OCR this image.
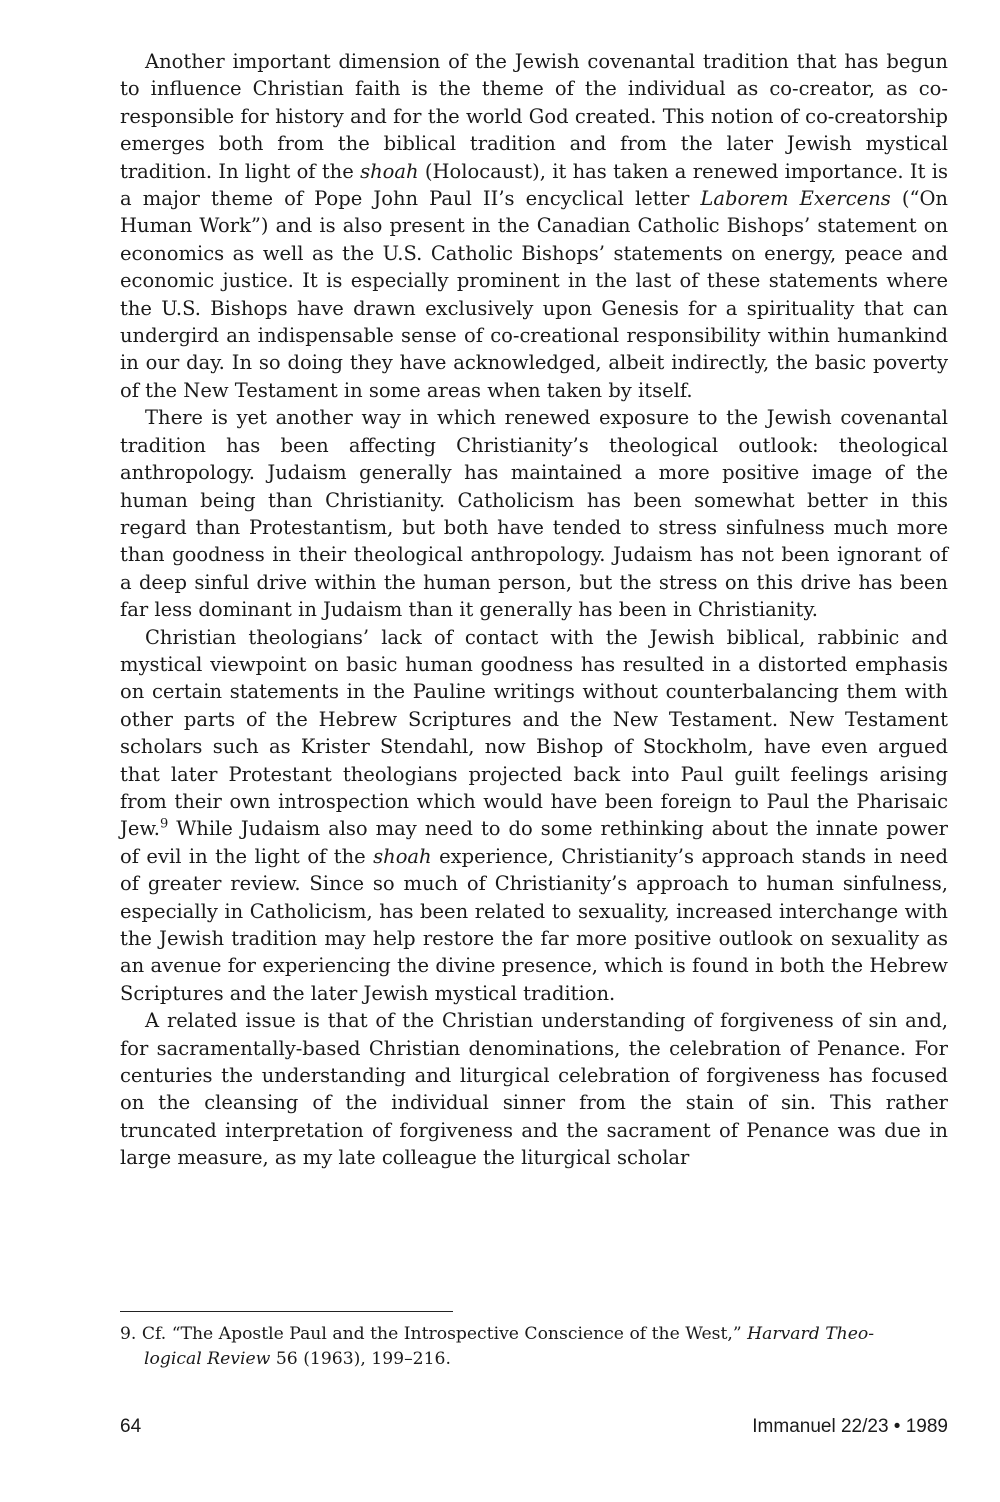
Another important dimension of the Jewish covenantal tradition that has begun to influence Christian faith is the theme of the individual as co-creator, as co-responsible for history and for the world God created. This notion of co-creatorship emerges both from the biblical tradition and from the later Jewish mystical tradition. In light of the shoah (Holocaust), it has taken a renewed importance. It is a major theme of Pope John Paul II’s encyclical letter Laborem Exercens (“On Human Work”) and is also present in the Canadian Catholic Bishops’ statement on economics as well as the U.S. Catholic Bishops’ statements on energy, peace and economic justice. It is especially prominent in the last of these statements where the U.S. Bishops have drawn exclusively upon Genesis for a spirituality that can undergird an indispensable sense of co-creational responsibility within humankind in our day. In so doing they have acknowledged, albeit indirectly, the basic poverty of the New Testament in some areas when taken by itself.

There is yet another way in which renewed exposure to the Jewish covenantal tradition has been affecting Christianity’s theological outlook: theological anthropology. Judaism generally has maintained a more positive image of the human being than Christianity. Catholicism has been somewhat better in this regard than Protestantism, but both have tended to stress sinfulness much more than goodness in their theological anthropology. Judaism has not been ignorant of a deep sinful drive within the human person, but the stress on this drive has been far less dominant in Judaism than it generally has been in Christianity.

Christian theologians’ lack of contact with the Jewish biblical, rabbinic and mystical viewpoint on basic human goodness has resulted in a distorted emphasis on certain statements in the Pauline writings without counterbalancing them with other parts of the Hebrew Scriptures and the New Testament. New Testament scholars such as Krister Stendahl, now Bishop of Stockholm, have even argued that later Protestant theologians projected back into Paul guilt feelings arising from their own introspection which would have been foreign to Paul the Pharisaic Jew.$^9$ While Judaism also may need to do some rethinking about the innate power of evil in the light of the shoah experience, Christianity’s approach stands in need of greater review. Since so much of Christianity’s approach to human sinfulness, especially in Catholicism, has been related to sexuality, increased interchange with the Jewish tradition may help restore the far more positive outlook on sexuality as an avenue for experiencing the divine presence, which is found in both the Hebrew Scriptures and the later Jewish mystical tradition.

A related issue is that of the Christian understanding of forgiveness of sin and, for sacramentally-based Christian denominations, the celebration of Penance. For centuries the understanding and liturgical celebration of forgiveness has focused on the cleansing of the individual sinner from the stain of sin. This rather truncated interpretation of forgiveness and the sacrament of Penance was due in large measure, as my late colleague the liturgical scholar

9. Cf. “The Apostle Paul and the Introspective Conscience of the West,” Harvard Theo-
logical Review 56 (1963), 199–216.
64	Immanuel 22/23 • 1989
